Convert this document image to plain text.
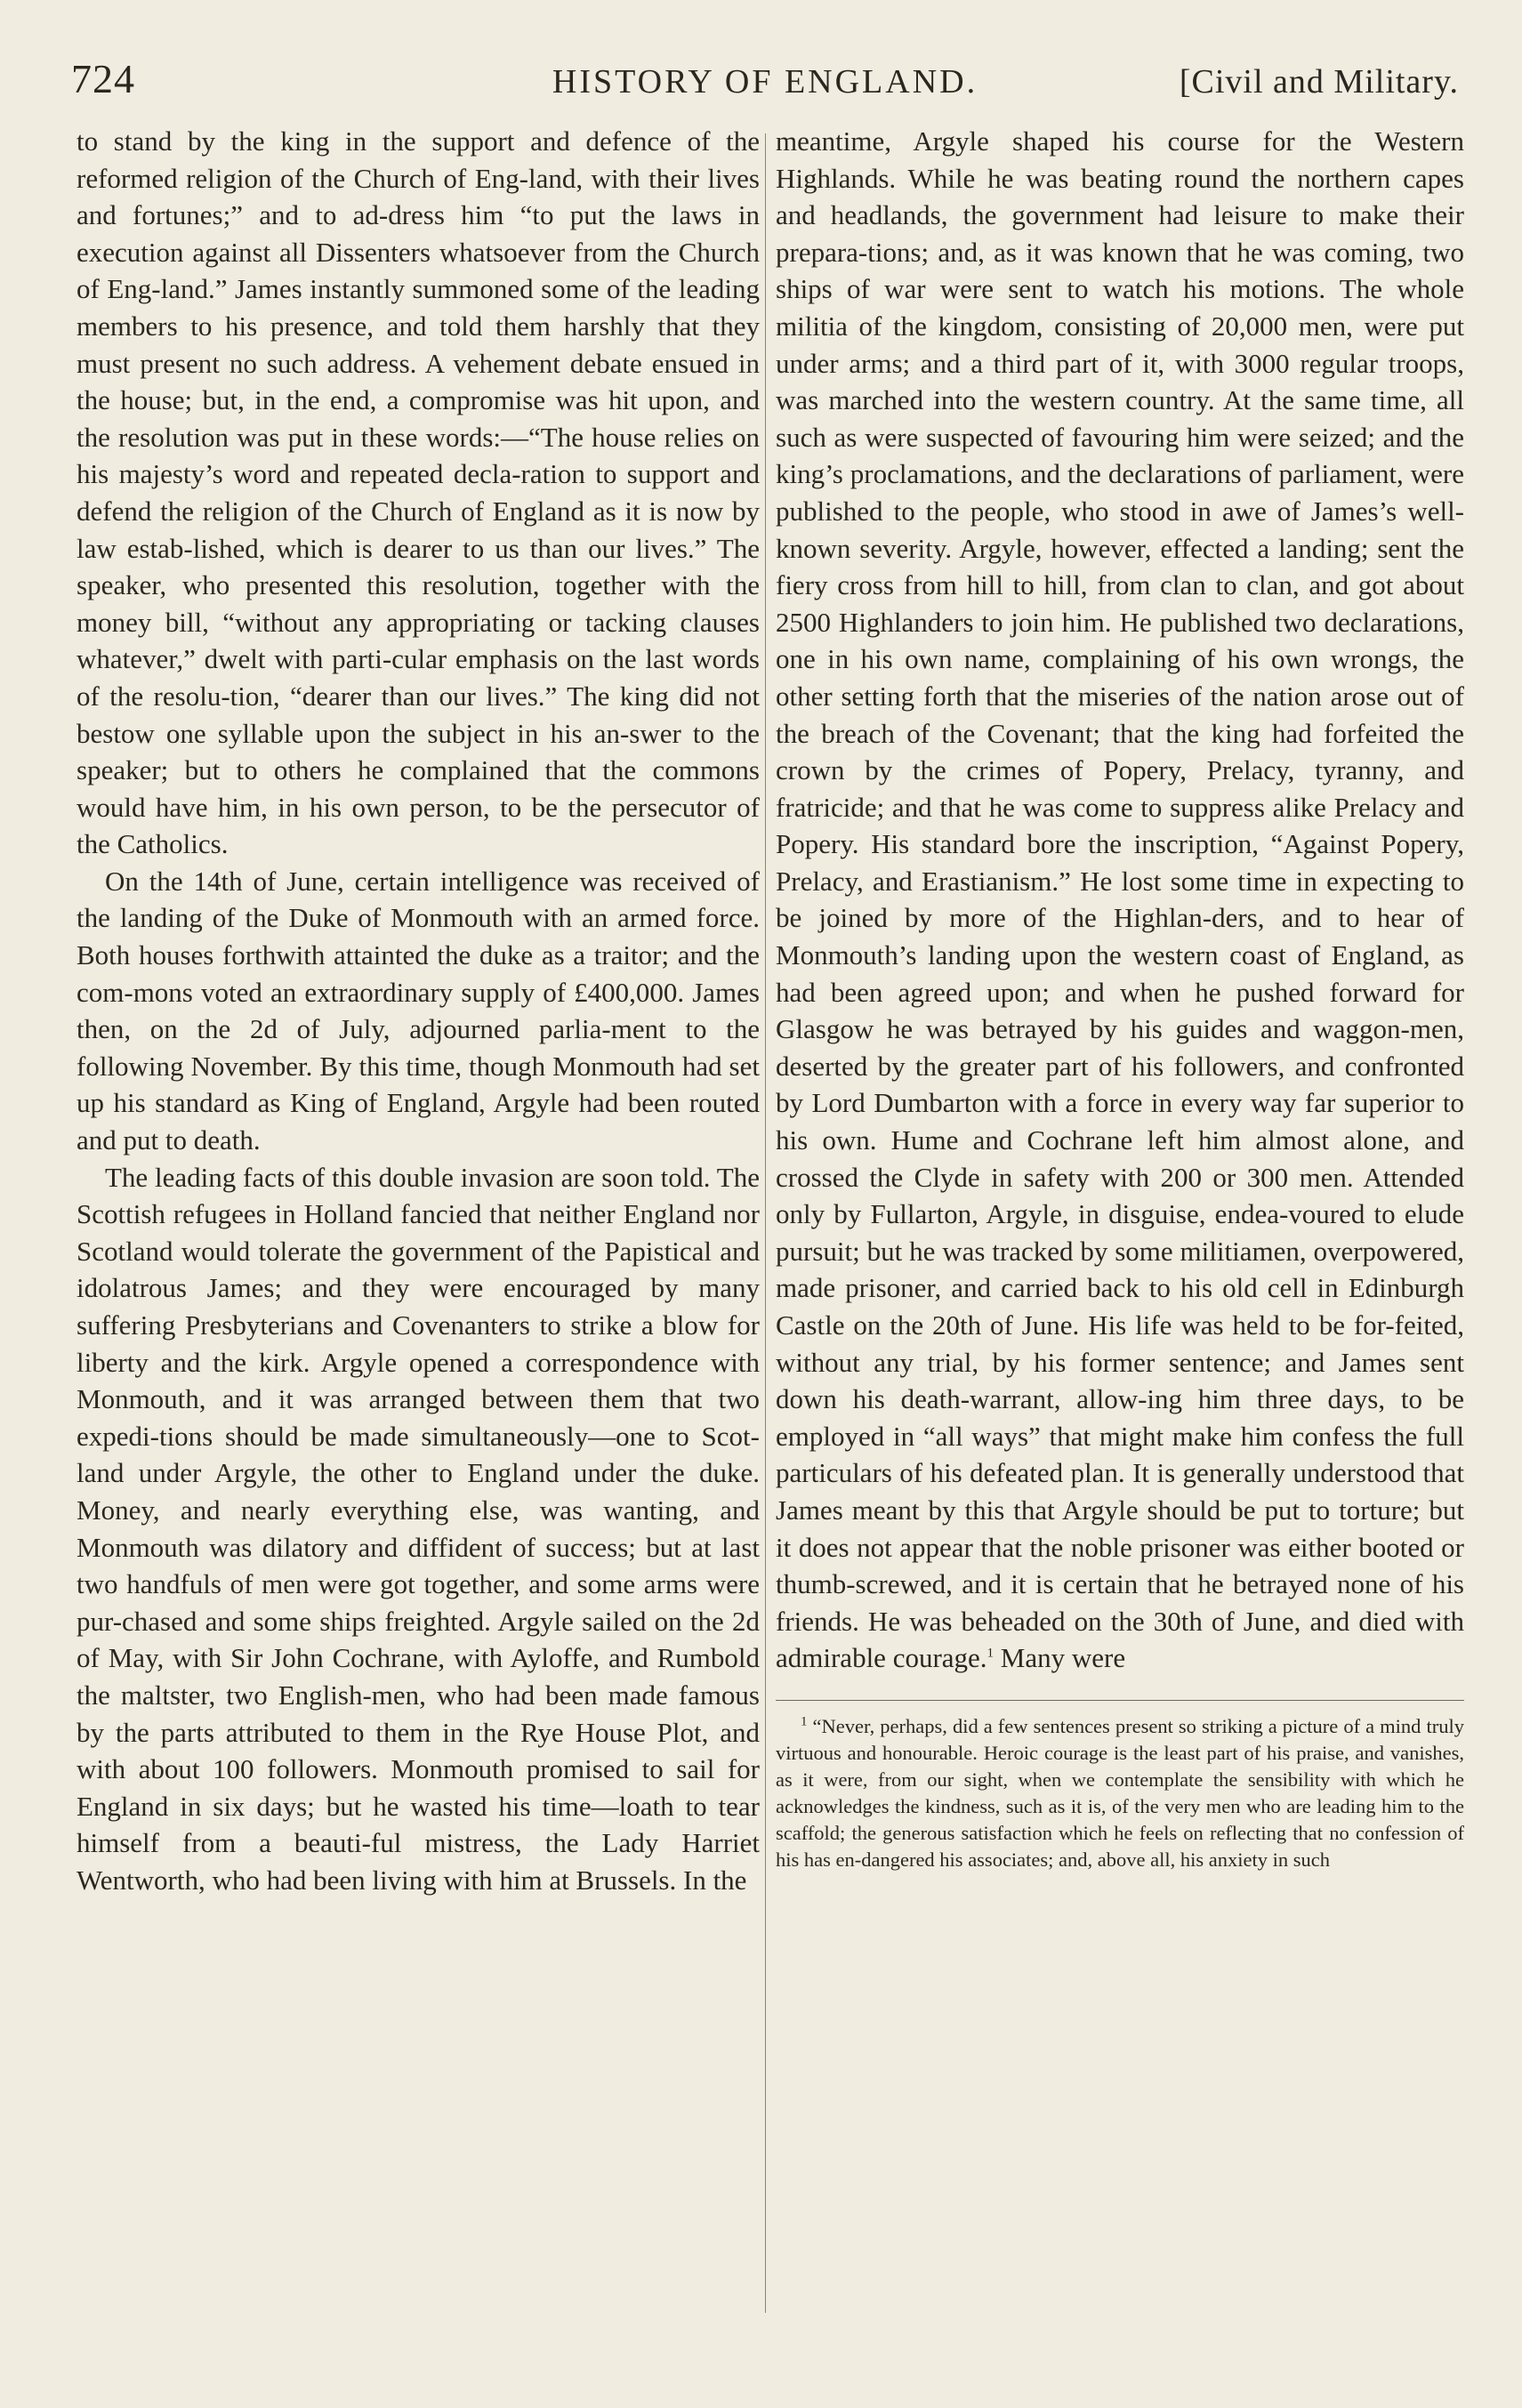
724	HISTORY OF ENGLAND.	[Civil and Military.

to stand by the king in the support and defence of the reformed religion of the Church of Eng-land, with their lives and fortunes;” and to ad-dress him “to put the laws in execution against all Dissenters whatsoever from the Church of Eng-land.” James instantly summoned some of the leading members to his presence, and told them harshly that they must present no such address. A vehement debate ensued in the house; but, in the end, a compromise was hit upon, and the resolution was put in these words:—“The house relies on his majesty’s word and repeated decla-ration to support and defend the religion of the Church of England as it is now by law estab-lished, which is dearer to us than our lives.” The speaker, who presented this resolution, together with the money bill, “without any appropriating or tacking clauses whatever,” dwelt with parti-cular emphasis on the last words of the resolu-tion, “dearer than our lives.” The king did not bestow one syllable upon the subject in his an-swer to the speaker; but to others he complained that the commons would have him, in his own person, to be the persecutor of the Catholics.

On the 14th of June, certain intelligence was received of the landing of the Duke of Monmouth with an armed force. Both houses forthwith attainted the duke as a traitor; and the com-mons voted an extraordinary supply of £400,000. James then, on the 2d of July, adjourned parlia-ment to the following November. By this time, though Monmouth had set up his standard as King of England, Argyle had been routed and put to death.

The leading facts of this double invasion are soon told. The Scottish refugees in Holland fancied that neither England nor Scotland would tolerate the government of the Papistical and idolatrous James; and they were encouraged by many suffering Presbyterians and Covenanters to strike a blow for liberty and the kirk. Argyle opened a correspondence with Monmouth, and it was arranged between them that two expedi-tions should be made simultaneously—one to Scot-land under Argyle, the other to England under the duke. Money, and nearly everything else, was wanting, and Monmouth was dilatory and diffident of success; but at last two handfuls of men were got together, and some arms were pur-chased and some ships freighted. Argyle sailed on the 2d of May, with Sir John Cochrane, with Ayloffe, and Rumbold the maltster, two English-men, who had been made famous by the parts attributed to them in the Rye House Plot, and with about 100 followers. Monmouth promised to sail for England in six days; but he wasted his time—loath to tear himself from a beauti-ful mistress, the Lady Harriet Wentworth, who had been living with him at Brussels. In the

meantime, Argyle shaped his course for the Western Highlands. While he was beating round the northern capes and headlands, the government had leisure to make their prepara-tions; and, as it was known that he was coming, two ships of war were sent to watch his motions. The whole militia of the kingdom, consisting of 20,000 men, were put under arms; and a third part of it, with 3000 regular troops, was marched into the western country. At the same time, all such as were suspected of favouring him were seized; and the king’s proclamations, and the declarations of parliament, were published to the people, who stood in awe of James’s well-known severity. Argyle, however, effected a landing; sent the fiery cross from hill to hill, from clan to clan, and got about 2500 Highlanders to join him. He published two declarations, one in his own name, complaining of his own wrongs, the other setting forth that the miseries of the nation arose out of the breach of the Covenant; that the king had forfeited the crown by the crimes of Popery, Prelacy, tyranny, and fratricide; and that he was come to suppress alike Prelacy and Popery. His standard bore the inscription, “Against Popery, Prelacy, and Erastianism.” He lost some time in expecting to be joined by more of the Highlan-ders, and to hear of Monmouth’s landing upon the western coast of England, as had been agreed upon; and when he pushed forward for Glasgow he was betrayed by his guides and waggon-men, deserted by the greater part of his followers, and confronted by Lord Dumbarton with a force in every way far superior to his own. Hume and Cochrane left him almost alone, and crossed the Clyde in safety with 200 or 300 men. Attended only by Fullarton, Argyle, in disguise, endea-voured to elude pursuit; but he was tracked by some militiamen, overpowered, made prisoner, and carried back to his old cell in Edinburgh Castle on the 20th of June. His life was held to be for-feited, without any trial, by his former sentence; and James sent down his death-warrant, allow-ing him three days, to be employed in “all ways” that might make him confess the full particulars of his defeated plan. It is generally understood that James meant by this that Argyle should be put to torture; but it does not appear that the noble prisoner was either booted or thumb-screwed, and it is certain that he betrayed none of his friends. He was beheaded on the 30th of June, and died with admirable courage.$^1$ Many were

$^1$ “Never, perhaps, did a few sentences present so striking a picture of a mind truly virtuous and honourable. Heroic courage is the least part of his praise, and vanishes, as it were, from our sight, when we contemplate the sensibility with which he acknowledges the kindness, such as it is, of the very men who are leading him to the scaffold; the generous satisfaction which he feels on reflecting that no confession of his has en-dangered his associates; and, above all, his anxiety in such
